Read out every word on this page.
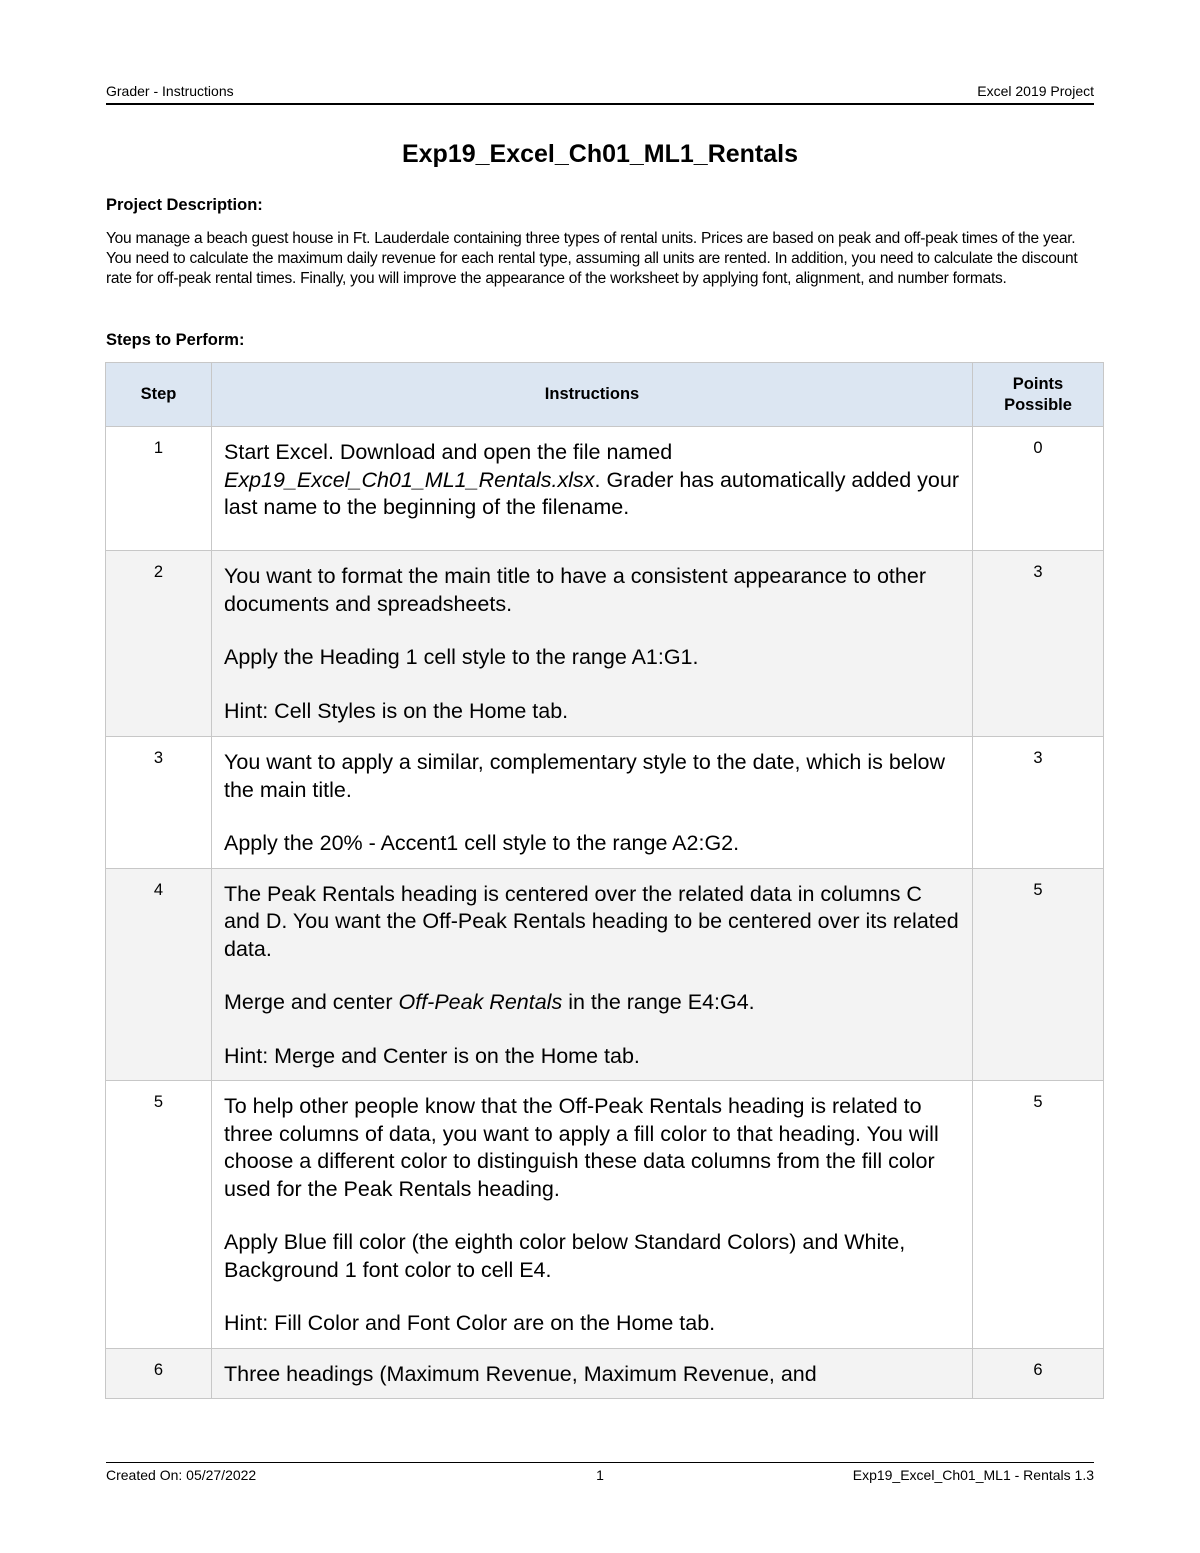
Grader - Instructions	Excel 2019 Project
Exp19_Excel_Ch01_ML1_Rentals
Project Description:
You manage a beach guest house in Ft. Lauderdale containing three types of rental units. Prices are based on peak and off-peak times of the year. You need to calculate the maximum daily revenue for each rental type, assuming all units are rented. In addition, you need to calculate the discount rate for off-peak rental times. Finally, you will improve the appearance of the worksheet by applying font, alignment, and number formats.
Steps to Perform:
Step	Instructions	Points
Possible
1	Start Excel. Download and open the file named Exp19_Excel_Ch01_ML1_Rentals.xlsx. Grader has automatically added your last name to the beginning of the filename.	0
2	You want to format the main title to have a consistent appearance to other documents and spreadsheets.

Apply the Heading 1 cell style to the range A1:G1.

Hint: Cell Styles is on the Home tab.	3
3	You want to apply a similar, complementary style to the date, which is below the main title.

Apply the 20% - Accent1 cell style to the range A2:G2.	3
4	The Peak Rentals heading is centered over the related data in columns C and D. You want the Off-Peak Rentals heading to be centered over its related data.

Merge and center Off-Peak Rentals in the range E4:G4.

Hint: Merge and Center is on the Home tab.	5
5	To help other people know that the Off-Peak Rentals heading is related to three columns of data, you want to apply a fill color to that heading. You will choose a different color to distinguish these data columns from the fill color used for the Peak Rentals heading.

Apply Blue fill color (the eighth color below Standard Colors) and White, Background 1 font color to cell E4.

Hint: Fill Color and Font Color are on the Home tab.	5
6	Three headings (Maximum Revenue, Maximum Revenue, and	6
Created On: 05/27/2022	1	Exp19_Excel_Ch01_ML1 - Rentals 1.3
